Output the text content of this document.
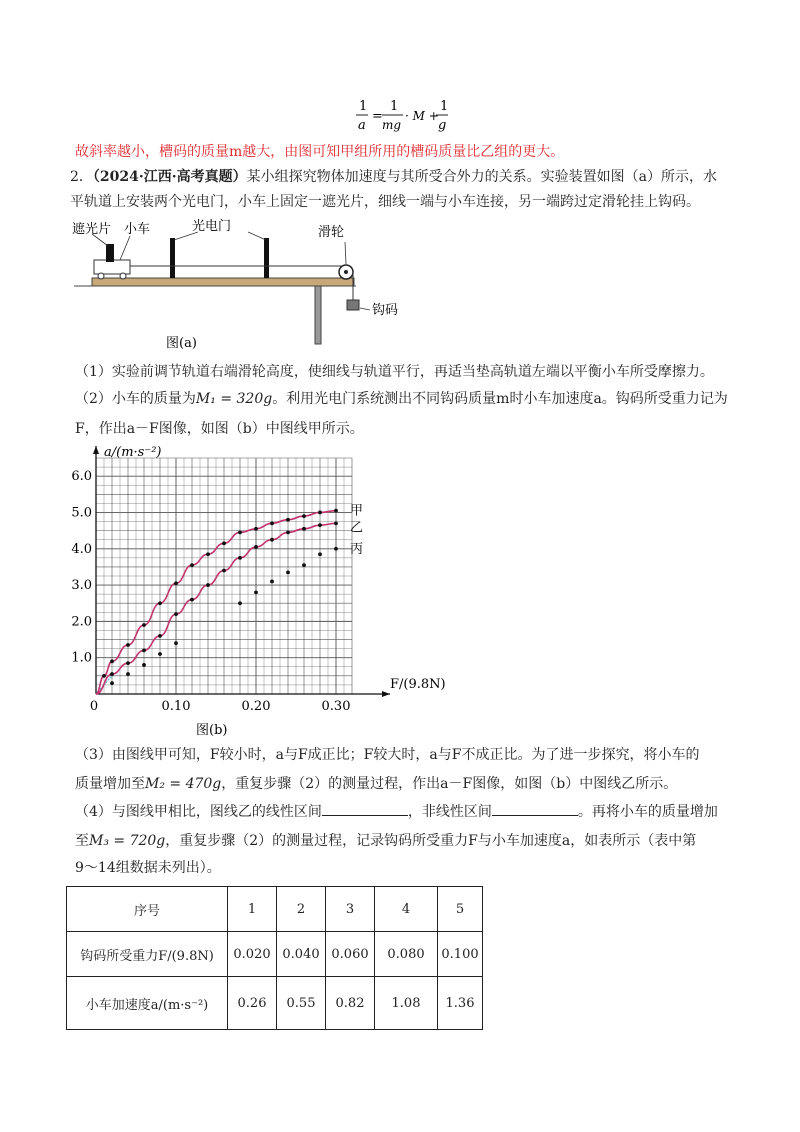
1
a
=
1
mg
· M +
1
g
故斜率越小，槽码的质量m越大，由图可知甲组所用的槽码质量比乙组的更大。
2．（2024·江西·高考真题）某小组探究物体加速度与其所受合外力的关系。实验装置如图（a）所示，水
平轨道上安装两个光电门，小车上固定一遮光片，细线一端与小车连接，另一端跨过定滑轮挂上钩码。
遮光片 小车	光电门	滑轮
钩码
图(a)
（1）实验前调节轨道右端滑轮高度，使细线与轨道平行，再适当垫高轨道左端以平衡小车所受摩擦力。
（2）小车的质量为M₁ = 320g。利用光电门系统测出不同钩码质量m时小车加速度a。钩码所受重力记为
F，作出a－F图像，如图（b）中图线甲所示。
1.0
2.0
3.0
4.0
5.0
6.0
0	0.10	0.20	0.30
a/(m·s⁻²)
F/(9.8N)
图(b)
甲
乙
丙
（3）由图线甲可知，F较小时，a与F成正比；F较大时，a与F不成正比。为了进一步探究，将小车的
质量增加至M₂ = 470g，重复步骤（2）的测量过程，作出a－F图像，如图（b）中图线乙所示。
（4）与图线甲相比，图线乙的线性区间	，非线性区间	。再将小车的质量增加
至M₃ = 720g，重复步骤（2）的测量过程，记录钩码所受重力F与小车加速度a，如表所示（表中第
9～14组数据未列出）。
序号	1	2	3	4	5
钩码所受重力F/(9.8N)	0.020	0.040	0.060	0.080	0.100
小车加速度a/(m·s⁻²)	0.26	0.55	0.82	1.08	1.36
